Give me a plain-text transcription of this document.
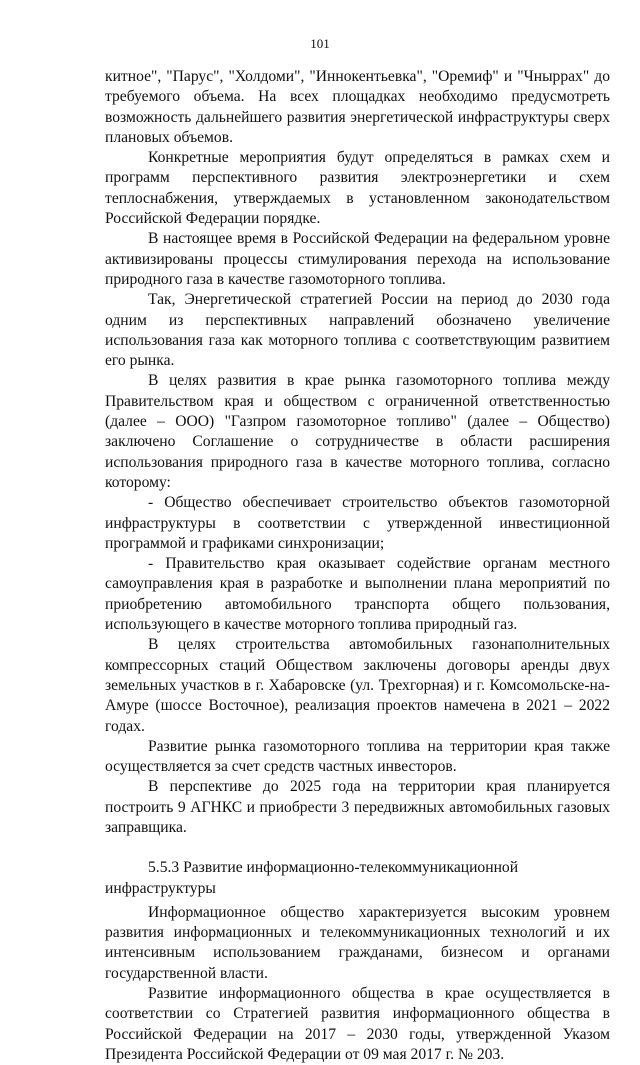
101

китное", "Парус", "Холдоми", "Иннокентьевка", "Оремиф" и "Чныррах" до требуемого объема. На всех площадках необходимо предусмотреть возможность дальнейшего развития энергетической инфраструктуры сверх плановых объемов.

Конкретные мероприятия будут определяться в рамках схем и программ перспективного развития электроэнергетики и схем теплоснабжения, утверждаемых в установленном законодательством Российской Федерации порядке.

В настоящее время в Российской Федерации на федеральном уровне активизированы процессы стимулирования перехода на использование природного газа в качестве газомоторного топлива.

Так, Энергетической стратегией России на период до 2030 года одним из перспективных направлений обозначено увеличение использования газа как моторного топлива с соответствующим развитием его рынка.

В целях развития в крае рынка газомоторного топлива между Правительством края и обществом с ограниченной ответственностью (далее – ООО) "Газпром газомоторное топливо" (далее – Общество) заключено Соглашение о сотрудничестве в области расширения использования природного газа в качестве моторного топлива, согласно которому:

- Общество обеспечивает строительство объектов газомоторной инфраструктуры в соответствии с утвержденной инвестиционной программой и графиками синхронизации;

- Правительство края оказывает содействие органам местного самоуправления края в разработке и выполнении плана мероприятий по приобретению автомобильного транспорта общего пользования, использующего в качестве моторного топлива природный газ.

В целях строительства автомобильных газонаполнительных компрессорных стаций Обществом заключены договоры аренды двух земельных участков в г. Хабаровске (ул. Трехгорная) и г. Комсомольске-на-Амуре (шоссе Восточное), реализация проектов намечена в 2021 – 2022 годах.

Развитие рынка газомоторного топлива на территории края также осуществляется за счет средств частных инвесторов.

В перспективе до 2025 года на территории края планируется построить 9 АГНКС и приобрести 3 передвижных автомобильных газовых заправщика.

5.5.3 Развитие информационно-телекоммуникационной инфраструктуры

Информационное общество характеризуется высоким уровнем развития информационных и телекоммуникационных технологий и их интенсивным использованием гражданами, бизнесом и органами государственной власти.

Развитие информационного общества в крае осуществляется в соответствии со Стратегией развития информационного общества в Российской Федерации на 2017 – 2030 годы, утвержденной Указом Президента Российской Федерации от 09 мая 2017 г. № 203.
